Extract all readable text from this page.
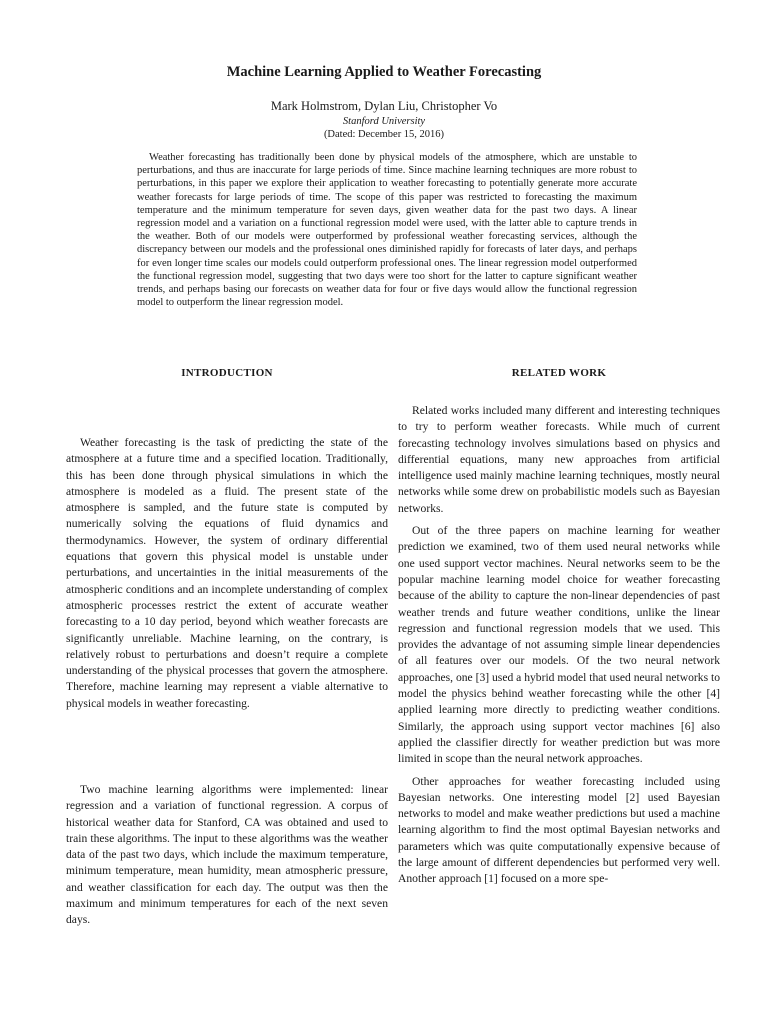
Machine Learning Applied to Weather Forecasting
Mark Holmstrom, Dylan Liu, Christopher Vo
Stanford University
(Dated: December 15, 2016)

Weather forecasting has traditionally been done by physical models of the atmosphere, which are unstable to perturbations, and thus are inaccurate for large periods of time. Since machine learning techniques are more robust to perturbations, in this paper we explore their application to weather forecasting to potentially generate more accurate weather forecasts for large periods of time. The scope of this paper was restricted to forecasting the maximum temperature and the minimum temperature for seven days, given weather data for the past two days. A linear regression model and a variation on a functional regression model were used, with the latter able to capture trends in the weather. Both of our models were outperformed by professional weather forecasting services, although the discrepancy between our models and the professional ones diminished rapidly for forecasts of later days, and perhaps for even longer time scales our models could outperform professional ones. The linear regression model outperformed the functional regression model, suggesting that two days were too short for the latter to capture significant weather trends, and perhaps basing our forecasts on weather data for four or five days would allow the functional regression model to outperform the linear regression model.

INTRODUCTION

Weather forecasting is the task of predicting the state of the atmosphere at a future time and a specified location. Traditionally, this has been done through physical simulations in which the atmosphere is modeled as a fluid. The present state of the atmosphere is sampled, and the future state is computed by numerically solving the equations of fluid dynamics and thermodynamics. However, the system of ordinary differential equations that govern this physical model is unstable under perturbations, and uncertainties in the initial measurements of the atmospheric conditions and an incomplete understanding of complex atmospheric processes restrict the extent of accurate weather forecasting to a 10 day period, beyond which weather forecasts are significantly unreliable. Machine learning, on the contrary, is relatively robust to perturbations and doesn’t require a complete understanding of the physical processes that govern the atmosphere. Therefore, machine learning may represent a viable alternative to physical models in weather forecasting.

Two machine learning algorithms were implemented: linear regression and a variation of functional regression. A corpus of historical weather data for Stanford, CA was obtained and used to train these algorithms. The input to these algorithms was the weather data of the past two days, which include the maximum temperature, minimum temperature, mean humidity, mean atmospheric pressure, and weather classification for each day. The output was then the maximum and minimum temperatures for each of the next seven days.

RELATED WORK

Related works included many different and interesting techniques to try to perform weather forecasts. While much of current forecasting technology involves simulations based on physics and differential equations, many new approaches from artificial intelligence used mainly machine learning techniques, mostly neural networks while some drew on probabilistic models such as Bayesian networks.

Out of the three papers on machine learning for weather prediction we examined, two of them used neural networks while one used support vector machines. Neural networks seem to be the popular machine learning model choice for weather forecasting because of the ability to capture the non-linear dependencies of past weather trends and future weather conditions, unlike the linear regression and functional regression models that we used. This provides the advantage of not assuming simple linear dependencies of all features over our models. Of the two neural network approaches, one [3] used a hybrid model that used neural networks to model the physics behind weather forecasting while the other [4] applied learning more directly to predicting weather conditions. Similarly, the approach using support vector machines [6] also applied the classifier directly for weather prediction but was more limited in scope than the neural network approaches.

Other approaches for weather forecasting included using Bayesian networks. One interesting model [2] used Bayesian networks to model and make weather predictions but used a machine learning algorithm to find the most optimal Bayesian networks and parameters which was quite computationally expensive because of the large amount of different dependencies but performed very well. Another approach [1] focused on a more spe-
